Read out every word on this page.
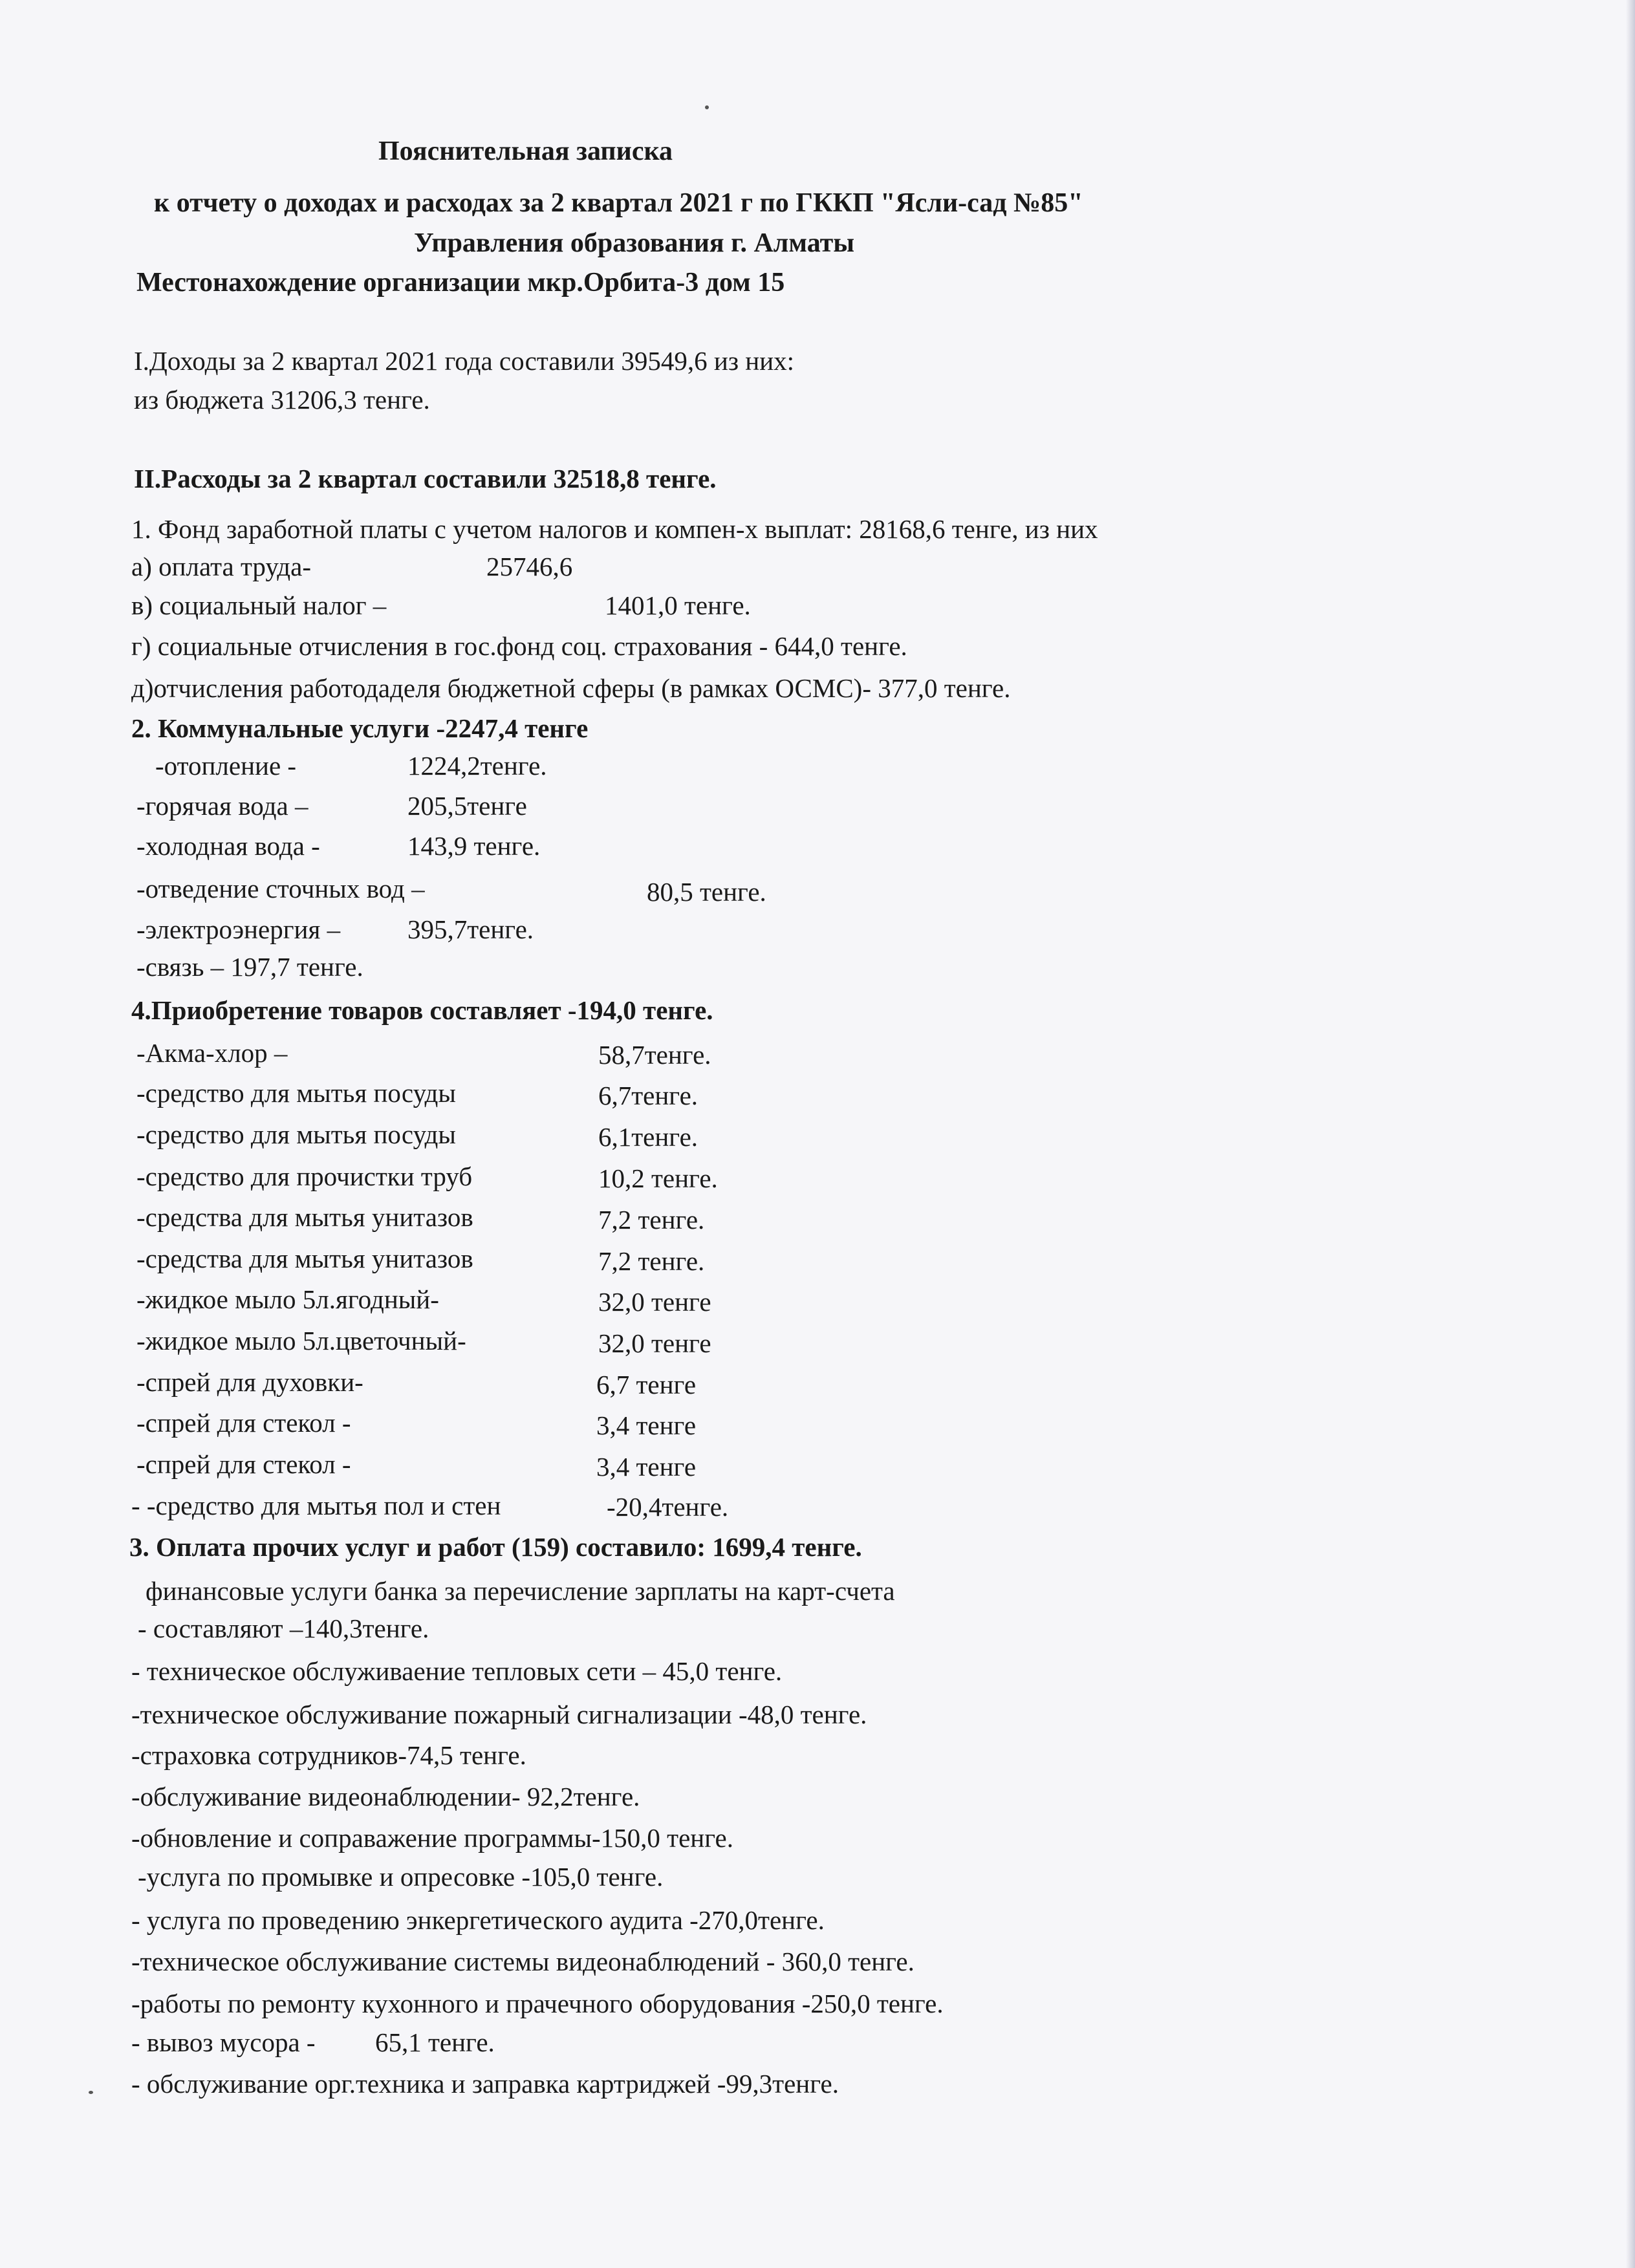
Пояснительная записка
к отчету о доходах и расходах за 2 квартал 2021 г по ГККП "Ясли-сад №85"
Управления образования г. Алматы
Местонахождение организации мкр.Орбита-3 дом 15
I.Доходы за 2 квартал 2021 года составили 39549,6 из них:
из бюджета 31206,3 тенге.
II.Расходы за 2 квартал составили 32518,8 тенге.
1. Фонд заработной платы с учетом налогов и компен-х выплат: 28168,6 тенге, из них
а) оплата труда-	25746,6
в) социальный налог –	1401,0 тенге.
г) социальные отчисления в гос.фонд соц. страхования - 644,0 тенге.
д)отчисления работодаделя бюджетной сферы (в рамках ОСМС)- 377,0 тенге.
2. Коммунальные услуги -2247,4 тенге
-отопление -	1224,2тенге.
-горячая вода –	205,5тенге
-холодная вода -	143,9 тенге.
-отведение сточных вод –	80,5 тенге.
-электроэнергия –	395,7тенге.
-связь – 197,7 тенге.
4.Приобретение товаров составляет -194,0 тенге.
-Акма-хлор –	58,7тенге.
-средство для мытья посуды	6,7тенге.
-средство для мытья посуды	6,1тенге.
-средство для прочистки труб	10,2 тенге.
-средства для мытья унитазов	7,2 тенге.
-средства для мытья унитазов	7,2 тенге.
-жидкое мыло 5л.ягодный-	32,0 тенге
-жидкое мыло 5л.цветочный-	32,0 тенге
-спрей для духовки-	6,7 тенге
-спрей для стекол -	3,4 тенге
-спрей для стекол -	3,4 тенге
- -средство для мытья пол и стен	-20,4тенге.
3. Оплата прочих услуг и работ (159) составило: 1699,4 тенге.
финансовые услуги банка за перечисление зарплаты на карт-счета
- составляют –140,3тенге.
- техническое обслуживаение тепловых сети – 45,0 тенге.
-техническое обслуживание пожарный сигнализации -48,0 тенге.
-страховка сотрудников-74,5 тенге.
-обслуживание видеонаблюдении- 92,2тенге.
-обновление и соправажение программы-150,0 тенге.
-услуга по промывке и опресовке -105,0 тенге.
- услуга по проведению энкергетического аудита -270,0тенге.
-техническое обслуживание системы видеонаблюдений - 360,0 тенге.
-работы по ремонту кухонного и прачечного оборудования -250,0 тенге.
- вывоз мусора - 65,1 тенге.
- обслуживание орг.техника и заправка картриджей -99,3тенге.
